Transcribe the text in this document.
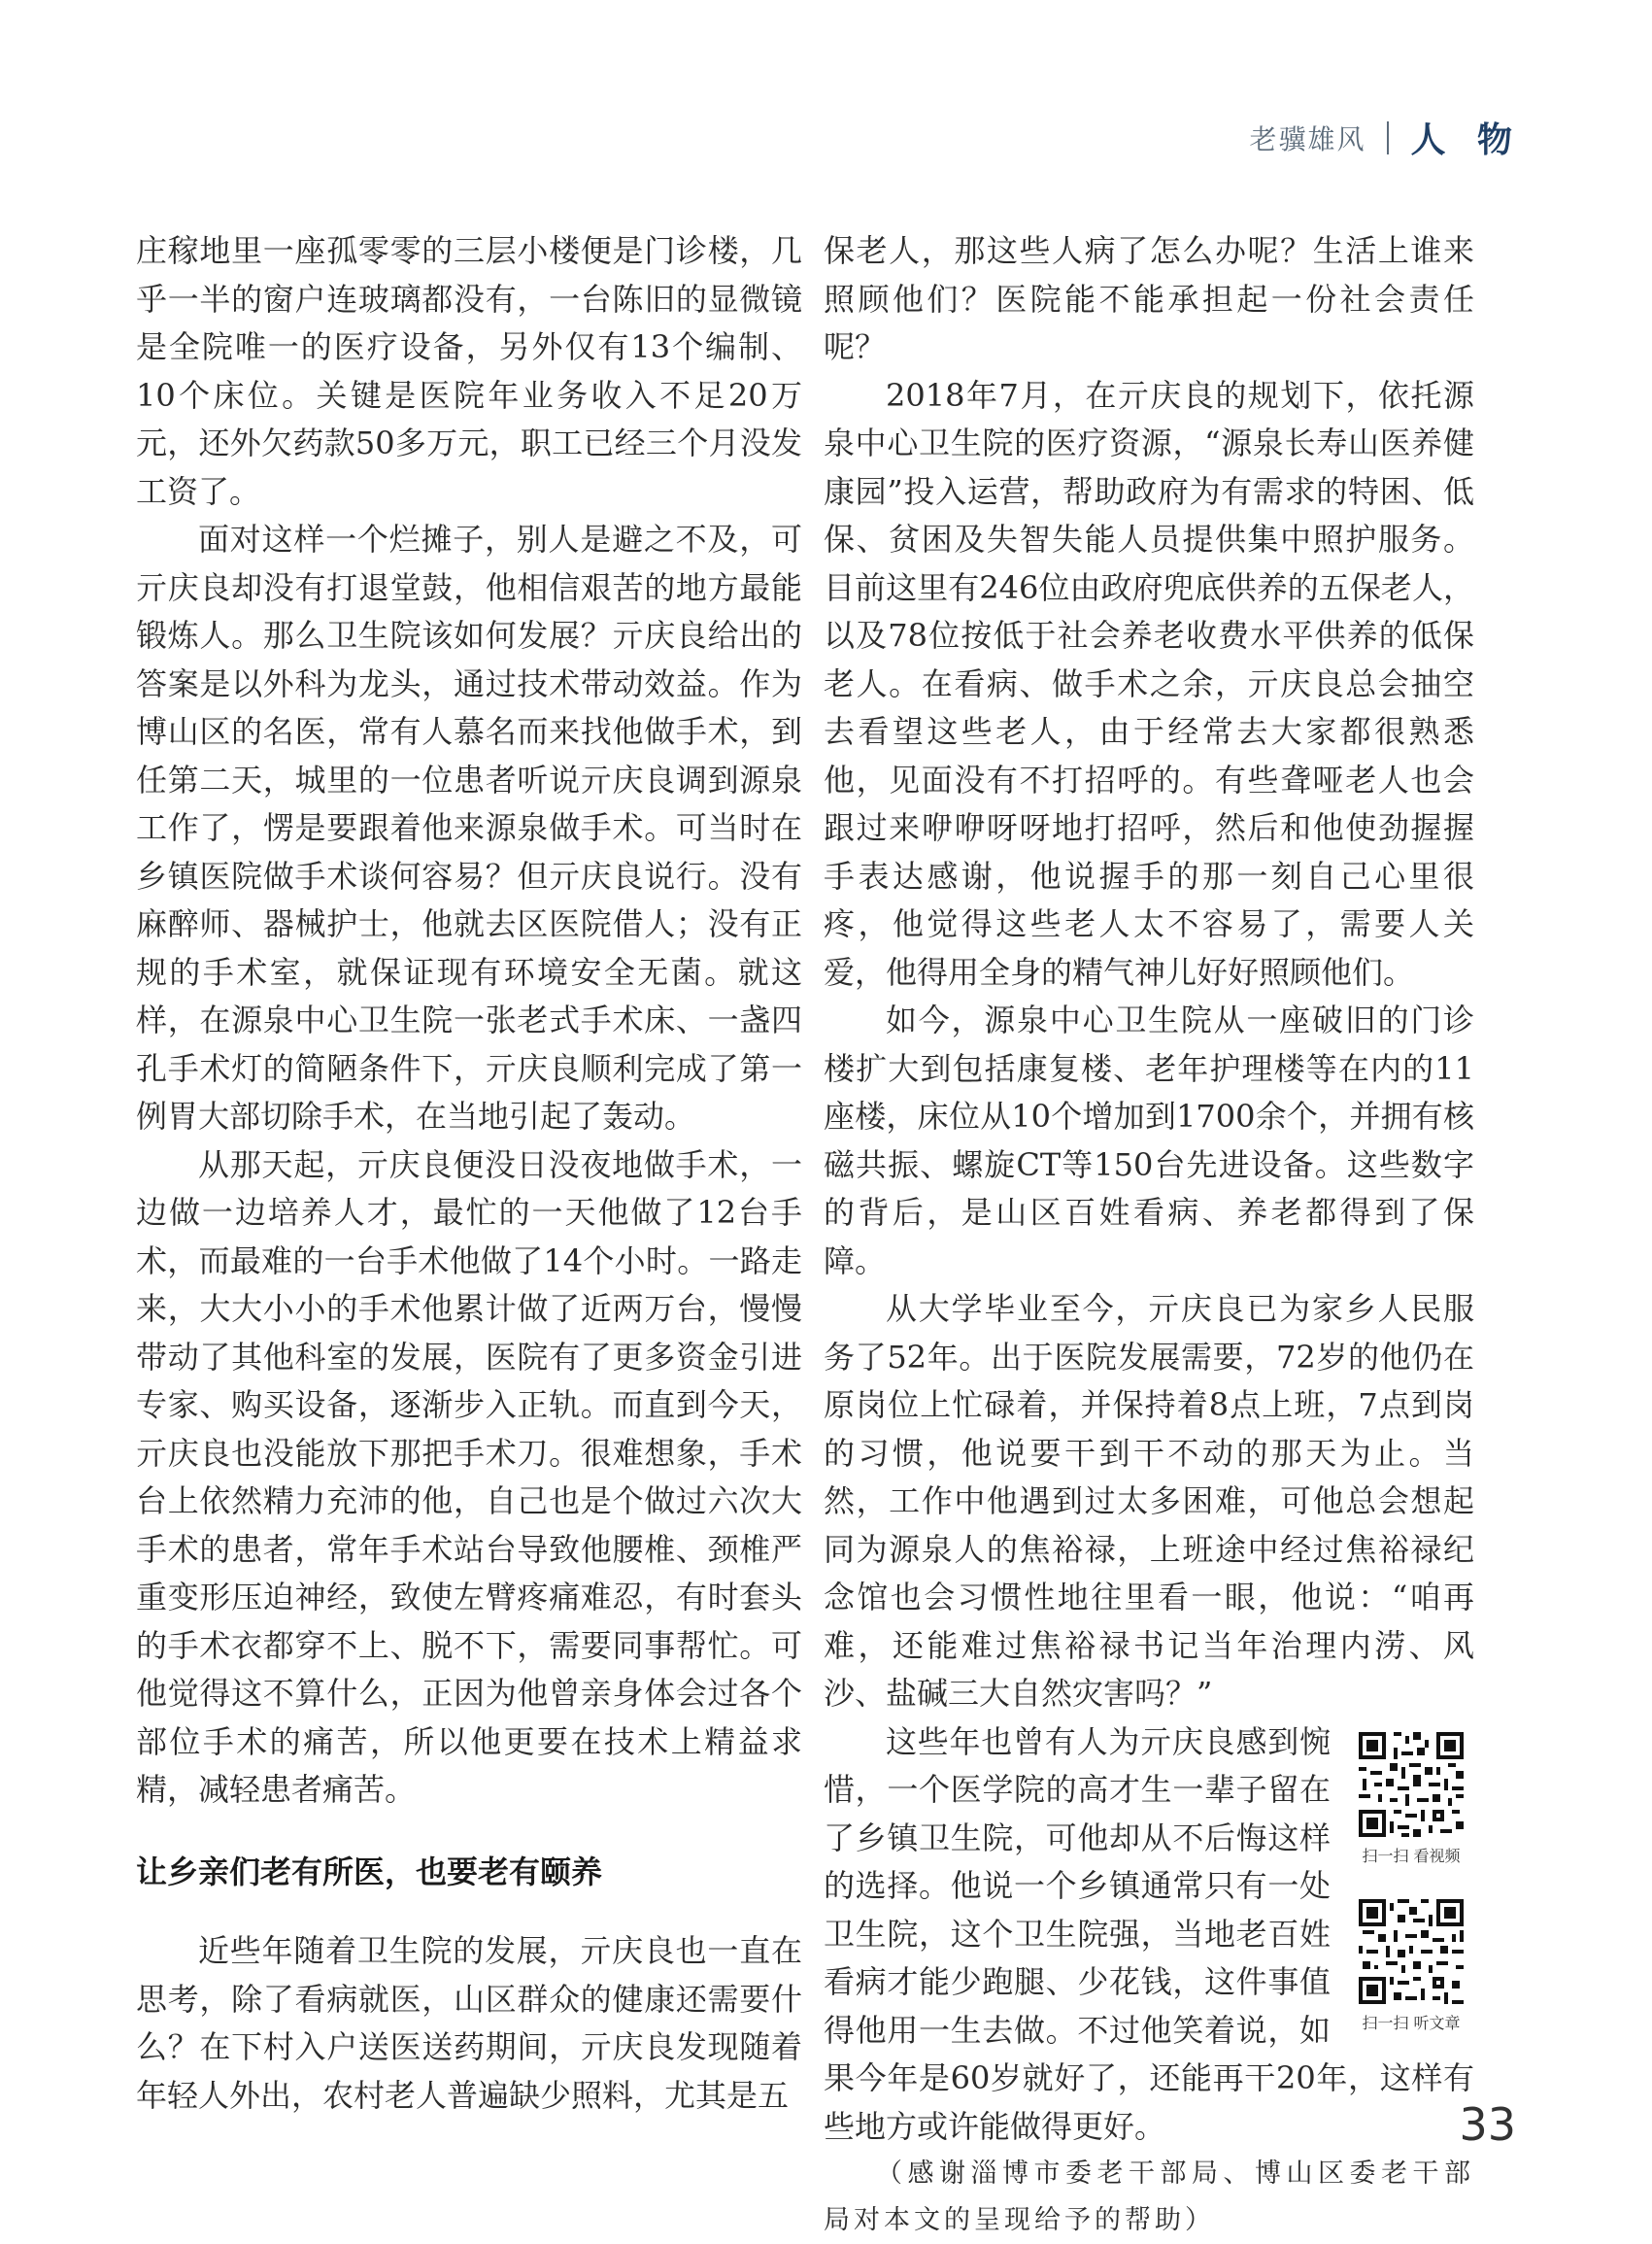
老骥雄风 人 物

庄稼地里一座孤零零的三层小楼便是门诊楼，几乎一半的窗户连玻璃都没有，一台陈旧的显微镜是全院唯一的医疗设备，另外仅有13个编制、10个床位。关键是医院年业务收入不足20万元，还外欠药款50多万元，职工已经三个月没发工资了。

面对这样一个烂摊子，别人是避之不及，可亓庆良却没有打退堂鼓，他相信艰苦的地方最能锻炼人。那么卫生院该如何发展？亓庆良给出的答案是以外科为龙头，通过技术带动效益。作为博山区的名医，常有人慕名而来找他做手术，到任第二天，城里的一位患者听说亓庆良调到源泉工作了，愣是要跟着他来源泉做手术。可当时在乡镇医院做手术谈何容易？但亓庆良说行。没有麻醉师、器械护士，他就去区医院借人；没有正规的手术室，就保证现有环境安全无菌。就这样，在源泉中心卫生院一张老式手术床、一盏四孔手术灯的简陋条件下，亓庆良顺利完成了第一例胃大部切除手术，在当地引起了轰动。

从那天起，亓庆良便没日没夜地做手术，一边做一边培养人才，最忙的一天他做了12台手术，而最难的一台手术他做了14个小时。一路走来，大大小小的手术他累计做了近两万台，慢慢带动了其他科室的发展，医院有了更多资金引进专家、购买设备，逐渐步入正轨。而直到今天，亓庆良也没能放下那把手术刀。很难想象，手术台上依然精力充沛的他，自己也是个做过六次大手术的患者，常年手术站台导致他腰椎、颈椎严重变形压迫神经，致使左臂疼痛难忍，有时套头的手术衣都穿不上、脱不下，需要同事帮忙。可他觉得这不算什么，正因为他曾亲身体会过各个部位手术的痛苦，所以他更要在技术上精益求精，减轻患者痛苦。

让乡亲们老有所医，也要老有颐养

近些年随着卫生院的发展，亓庆良也一直在思考，除了看病就医，山区群众的健康还需要什么？在下村入户送医送药期间，亓庆良发现随着年轻人外出，农村老人普遍缺少照料，尤其是五

保老人，那这些人病了怎么办呢？生活上谁来照顾他们？医院能不能承担起一份社会责任呢？

2018年7月，在亓庆良的规划下，依托源泉中心卫生院的医疗资源，“源泉长寿山医养健康园”投入运营，帮助政府为有需求的特困、低保、贫困及失智失能人员提供集中照护服务。目前这里有246位由政府兜底供养的五保老人，以及78位按低于社会养老收费水平供养的低保老人。在看病、做手术之余，亓庆良总会抽空去看望这些老人，由于经常去大家都很熟悉他，见面没有不打招呼的。有些聋哑老人也会跟过来咿咿呀呀地打招呼，然后和他使劲握握手表达感谢，他说握手的那一刻自己心里很疼，他觉得这些老人太不容易了，需要人关爱，他得用全身的精气神儿好好照顾他们。

如今，源泉中心卫生院从一座破旧的门诊楼扩大到包括康复楼、老年护理楼等在内的11座楼，床位从10个增加到1700余个，并拥有核磁共振、螺旋CT等150台先进设备。这些数字的背后，是山区百姓看病、养老都得到了保障。

从大学毕业至今，亓庆良已为家乡人民服务了52年。出于医院发展需要，72岁的他仍在原岗位上忙碌着，并保持着8点上班，7点到岗的习惯，他说要干到干不动的那天为止。当然，工作中他遇到过太多困难，可他总会想起同为源泉人的焦裕禄，上班途中经过焦裕禄纪念馆也会习惯性地往里看一眼，他说：“咱再难，还能难过焦裕禄书记当年治理内涝、风沙、盐碱三大自然灾害吗？”

扫一扫 看视频
扫一扫 听文章

这些年也曾有人为亓庆良感到惋惜，一个医学院的高才生一辈子留在了乡镇卫生院，可他却从不后悔这样的选择。他说一个乡镇通常只有一处卫生院，这个卫生院强，当地老百姓看病才能少跑腿、少花钱，这件事值得他用一生去做。不过他笑着说，如果今年是60岁就好了，还能再干20年，这样有些地方或许能做得更好。

（感谢淄博市委老干部局、博山区委老干部局对本文的呈现给予的帮助）

33
